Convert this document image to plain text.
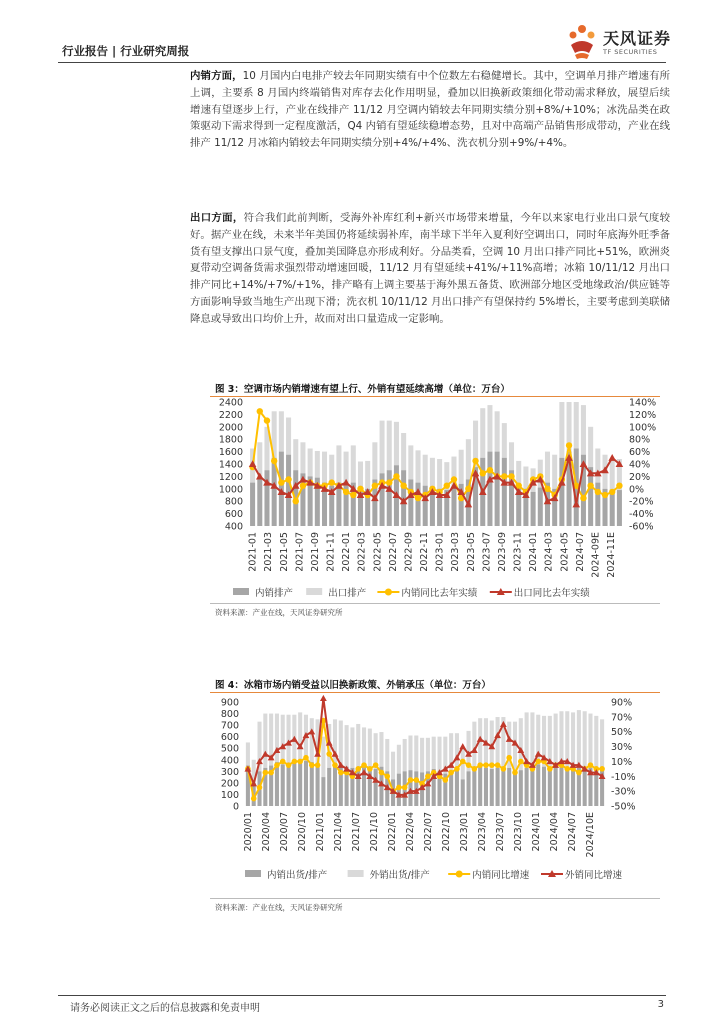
行业报告 | 行业研究周报
天风证券
TF SECURITIES
内销方面，10 月国内白电排产较去年同期实绩有中个位数左右稳健增长。其中，空调单月排产增速有所上调，主要系 8 月国内终端销售对库存去化作用明显，叠加以旧换新政策细化带动需求释放，展望后续增速有望逐步上行，产业在线排产 11/12 月空调内销较去年同期实绩分别+8%/+10%；冰洗品类在政策驱动下需求得到一定程度激活，Q4 内销有望延续稳增态势，且对中高端产品销售形成带动，产业在线排产 11/12 月冰箱内销较去年同期实绩分别+4%/+4%、洗衣机分别+9%/+4%。
出口方面，符合我们此前判断，受海外补库红利+新兴市场带来增量，今年以来家电行业出口景气度较好。据产业在线，未来半年美国仍将延续弱补库，南半球下半年入夏利好空调出口，同时年底海外旺季备货有望支撑出口景气度，叠加美国降息亦形成利好。分品类看，空调 10 月出口排产同比+51%，欧洲炎夏带动空调备货需求强烈带动增速回暖，11/12 月有望延续+41%/+11%高增；冰箱 10/11/12 月出口排产同比+14%/+7%/+1%，排产略有上调主要基于海外黑五备货、欧洲部分地区受地缘政治/供应链等方面影响导致当地生产出现下滑；洗衣机 10/11/12 月出口排产有望保持约 5%增长，主要考虑到美联储降息或导致出口均价上升，故而对出口量造成一定影响。
图 3：空调市场内销增速有望上行、外销有望延续高增（单位：万台）
400
600
800
1000
1200
1400
1600
1800
2000
2200
2400
-60%
-40%
-20%
0%
20%
40%
60%
80%
100%
120%
140%
2021-01 2021-03 2021-05 2021-07 2021-09 2021-11 2022-01 2022-03 2022-05 2022-07 2022-09 2022-11 2023-01 2023-03 2023-05 2023-07 2023-09 2023-11 2024-01 2024-03 2024-05 2024-07 2024-09E 2024-11E
内销排产	出口排产	内销同比去年实绩	出口同比去年实绩
资料来源：产业在线，天风证券研究所
图 4：冰箱市场内销受益以旧换新政策、外销承压（单位：万台）
0
100
200
300
400
500
600
700
800
900
-50%
-30%
-10%
10%
30%
50%
70%
90%
2020/01 2020/04 2020/07 2020/10 2021/01 2021/04 2021/07 2021/10 2022/01 2022/04 2022/07 2022/10 2023/01 2023/04 2023/07 2023/10 2024/01 2024/04 2024/07 2024/10E
内销出货/排产	外销出货/排产	内销同比增速	外销同比增速
资料来源：产业在线，天风证券研究所
请务必阅读正文之后的信息披露和免责申明	3
